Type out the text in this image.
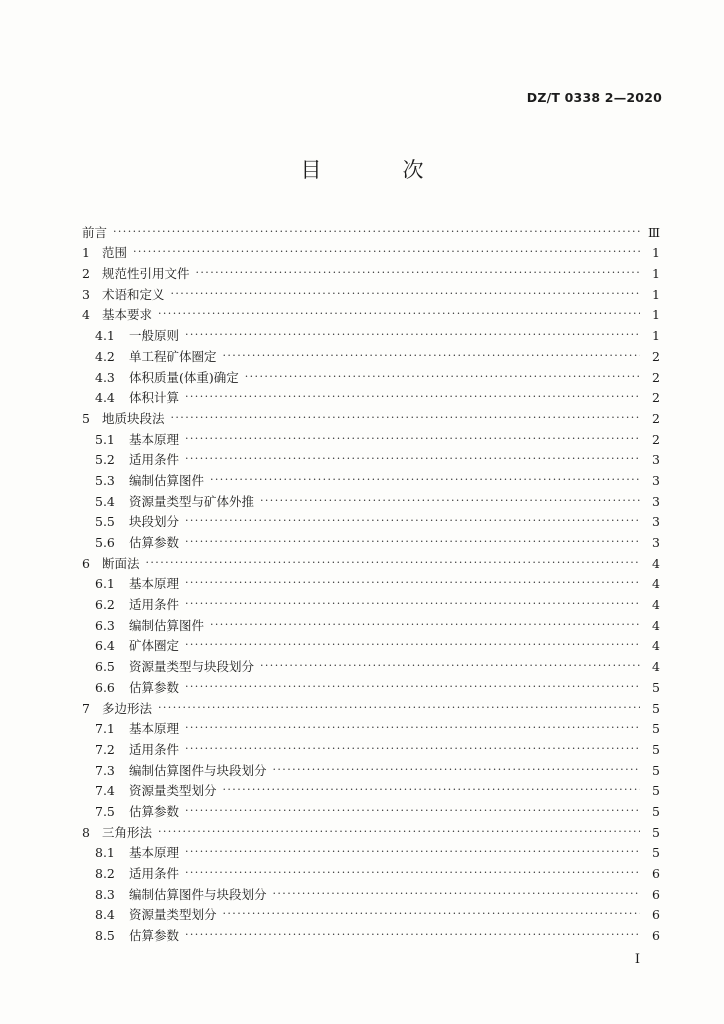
DZ/T 0338 2—2020
目　次
前言 ·····	Ⅲ
1 范围 ·····	1
2 规范性引用文件 ·····	1
3 术语和定义 ·····	1
4 基本要求 ·····	1
4.1	一般原则 ·····	1
4.2	单工程矿体圈定 ·····	2
4.3	体积质量(体重)确定 ·····	2
4.4	体积计算 ·····	2
5 地质块段法 ·····	2
5.1	基本原理 ·····	2
5.2	适用条件 ·····	3
5.3	编制估算图件 ·····	3
5.4	资源量类型与矿体外推 ·····	3
5.5	块段划分 ·····	3
5.6	估算参数 ·····	3
6 断面法 ·····	4
6.1	基本原理 ·····	4
6.2	适用条件 ·····	4
6.3	编制估算图件 ·····	4
6.4	矿体圈定 ·····	4
6.5	资源量类型与块段划分 ·····	4
6.6	估算参数 ·····	5
7 多边形法 ·····	5
7.1	基本原理 ·····	5
7.2	适用条件 ·····	5
7.3	编制估算图件与块段划分 ·····	5
7.4	资源量类型划分 ·····	5
7.5	估算参数 ·····	5
8 三角形法 ·····	5
8.1	基本原理 ·····	5
8.2	适用条件 ·····	6
8.3	编制估算图件与块段划分 ·····	6
8.4	资源量类型划分 ·····	6
8.5	估算参数 ·····	6
I
